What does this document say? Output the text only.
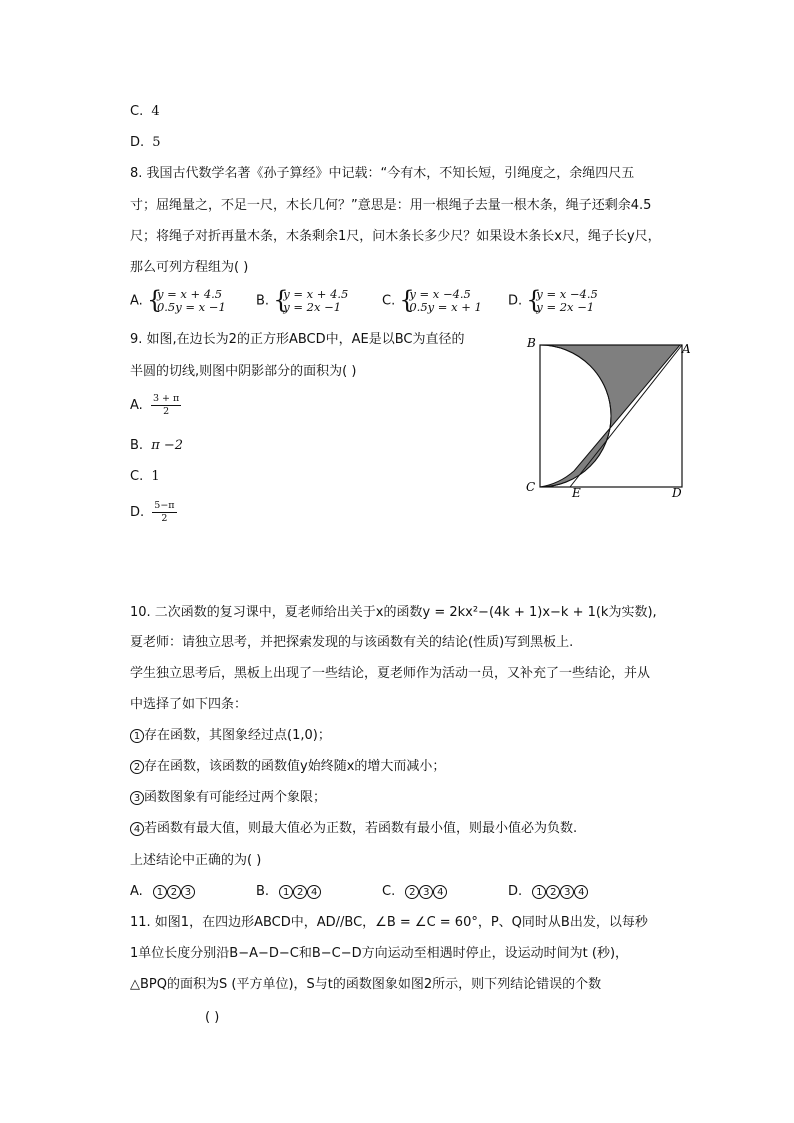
C. 4
D. 5
8. 我国古代数学名著《孙子算经》中记载：“今有木，不知长短，引绳度之，余绳四尺五
寸；屈绳量之，不足一尺，木长几何？”意思是：用一根绳子去量一根木条，绳子还剩余4.5
尺；将绳子对折再量木条，木条剩余1尺，问木条长多少尺？如果设木条长x尺，绳子长y尺，
那么可列方程组为( )
A. {
y = x + 4.5
0.5y = x −1 B. {
y = x + 4.5
y = 2x −1	C. {
y = x −4.5
0.5y = x + 1 D. {
y = x −4.5
y = 2x −1
9. 如图,在边长为2的正方形ABCD中，AE是以BC为直径的
半圆的切线,则图中阴影部分的面积为( )
A. $\frac{3 + \pi}{2}$
B. π −2
C. 1
D. $\frac{5-\pi}{2}$
B	A
C	E	D
10. 二次函数的复习课中，夏老师给出关于x的函数y = 2kx²−(4k + 1)x−k + 1(k为实数),
夏老师：请独立思考，并把探索发现的与该函数有关的结论(性质)写到黑板上.
学生独立思考后，黑板上出现了一些结论，夏老师作为活动一员，又补充了一些结论，并从
中选择了如下四条：
1 存在函数，其图象经过点(1,0)；
2 存在函数，该函数的函数值y始终随x的增大而减小；
3 函数图象有可能经过两个象限；
4 若函数有最大值，则最大值必为正数，若函数有最小值，则最小值必为负数.
上述结论中正确的为( )
A. 1 2 3	B. 1 2 4	C. 2 3 4	D. 1 2 3 4
11. 如图1，在四边形ABCD中，AD//BC，∠B = ∠C = 60°，P、Q同时从B出发，以每秒
1单位长度分别沿B−A−D−C和B−C−D方向运动至相遇时停止，设运动时间为t (秒)，
△BPQ的面积为S (平方单位)，S与t的函数图象如图2所示，则下列结论错误的个数
( )
